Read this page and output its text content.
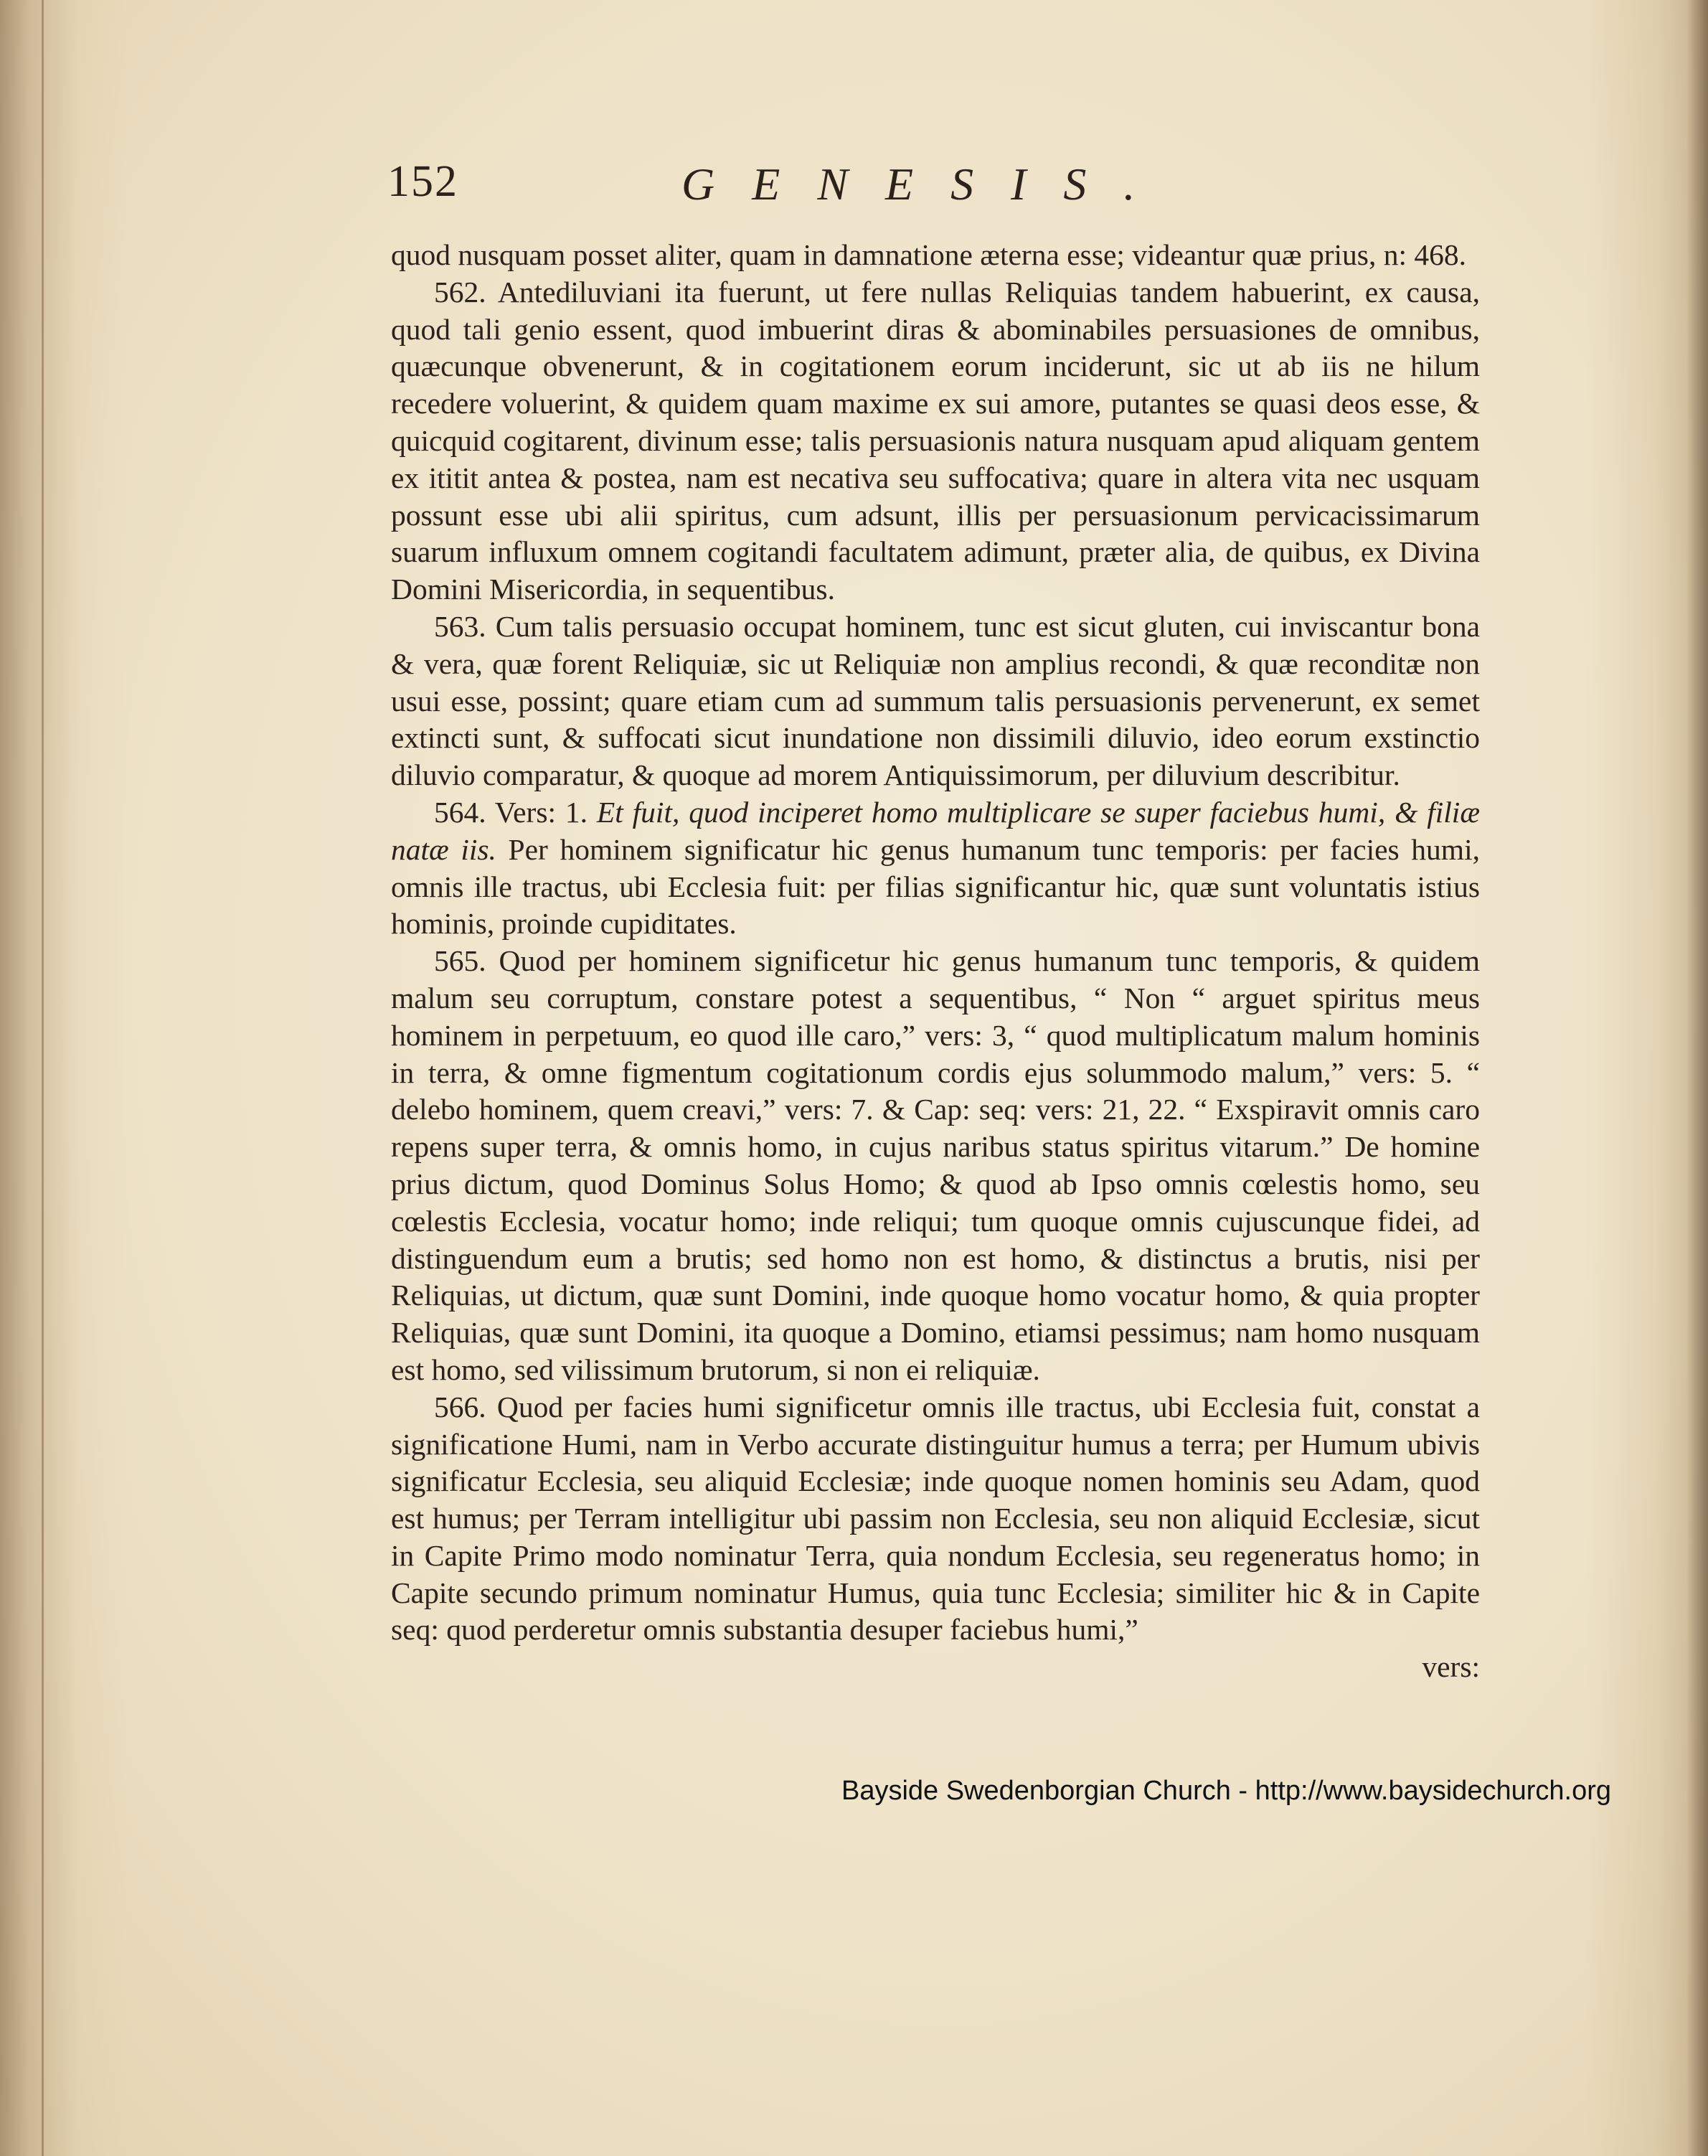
152	GENESIS.

quod nusquam posset aliter, quam in damnatione æterna esse; videantur quæ prius, n: 468.

562. Antediluviani ita fuerunt, ut fere nullas Reliquias tandem habuerint, ex causa, quod tali genio essent, quod imbuerint diras & abominabiles persuasiones de omnibus, quæcunque obvenerunt, & in cogitationem eorum inciderunt, sic ut ab iis ne hilum recedere voluerint, & quidem quam maxime ex sui amore, putantes se quasi deos esse, & quicquid cogitarent, divinum esse; talis persuasionis natura nusquam apud aliquam gentem ex ititit antea & postea, nam est necativa seu suffocativa; quare in altera vita nec usquam possunt esse ubi alii spiritus, cum adsunt, illis per persuasionum pervicacissimarum suarum influxum omnem cogitandi facultatem adimunt, præter alia, de quibus, ex Divina Domini Misericordia, in sequentibus.

563. Cum talis persuasio occupat hominem, tunc est sicut gluten, cui inviscantur bona & vera, quæ forent Reliquiæ, sic ut Reliquiæ non amplius recondi, & quæ reconditæ non usui esse, possint; quare etiam cum ad summum talis persuasionis pervenerunt, ex semet extincti sunt, & suffocati sicut inundatione non dissimili diluvio, ideo eorum exstinctio diluvio comparatur, & quoque ad morem Antiquissimorum, per diluvium describitur.

564. Vers: 1. Et fuit, quod inciperet homo multiplicare se super faciebus humi, & filiæ natæ iis. Per hominem significatur hic genus humanum tunc temporis: per facies humi, omnis ille tractus, ubi Ecclesia fuit: per filias significantur hic, quæ sunt voluntatis istius hominis, proinde cupiditates.

565. Quod per hominem significetur hic genus humanum tunc temporis, & quidem malum seu corruptum, constare potest a sequentibus, “ Non “ arguet spiritus meus hominem in perpetuum, eo quod ille caro,” vers: 3, “ quod multiplicatum malum hominis in terra, & omne figmentum cogitationum cordis ejus solummodo malum,” vers: 5. “ delebo hominem, quem creavi,” vers: 7. & Cap: seq: vers: 21, 22. “ Exspiravit omnis caro repens super terra, & omnis homo, in cujus naribus status spiritus vitarum.” De homine prius dictum, quod Dominus Solus Homo; & quod ab Ipso omnis cœlestis homo, seu cœlestis Ecclesia, vocatur homo; inde reliqui; tum quoque omnis cujuscunque fidei, ad distinguendum eum a brutis; sed homo non est homo, & distinctus a brutis, nisi per Reliquias, ut dictum, quæ sunt Domini, inde quoque homo vocatur homo, & quia propter Reliquias, quæ sunt Domini, ita quoque a Domino, etiamsi pessimus; nam homo nusquam est homo, sed vilissimum brutorum, si non ei reliquiæ.

566. Quod per facies humi significetur omnis ille tractus, ubi Ecclesia fuit, constat a significatione Humi, nam in Verbo accurate distinguitur humus a terra; per Humum ubivis significatur Ecclesia, seu aliquid Ecclesiæ; inde quoque nomen hominis seu Adam, quod est humus; per Terram intelligitur ubi passim non Ecclesia, seu non aliquid Ecclesiæ, sicut in Capite Primo modo nominatur Terra, quia nondum Ecclesia, seu regeneratus homo; in Capite secundo primum nominatur Humus, quia tunc Ecclesia; similiter hic & in Capite seq: quod perderetur omnis substantia desuper faciebus humi,”

vers:

Bayside Swedenborgian Church - http://www.baysidechurch.org
